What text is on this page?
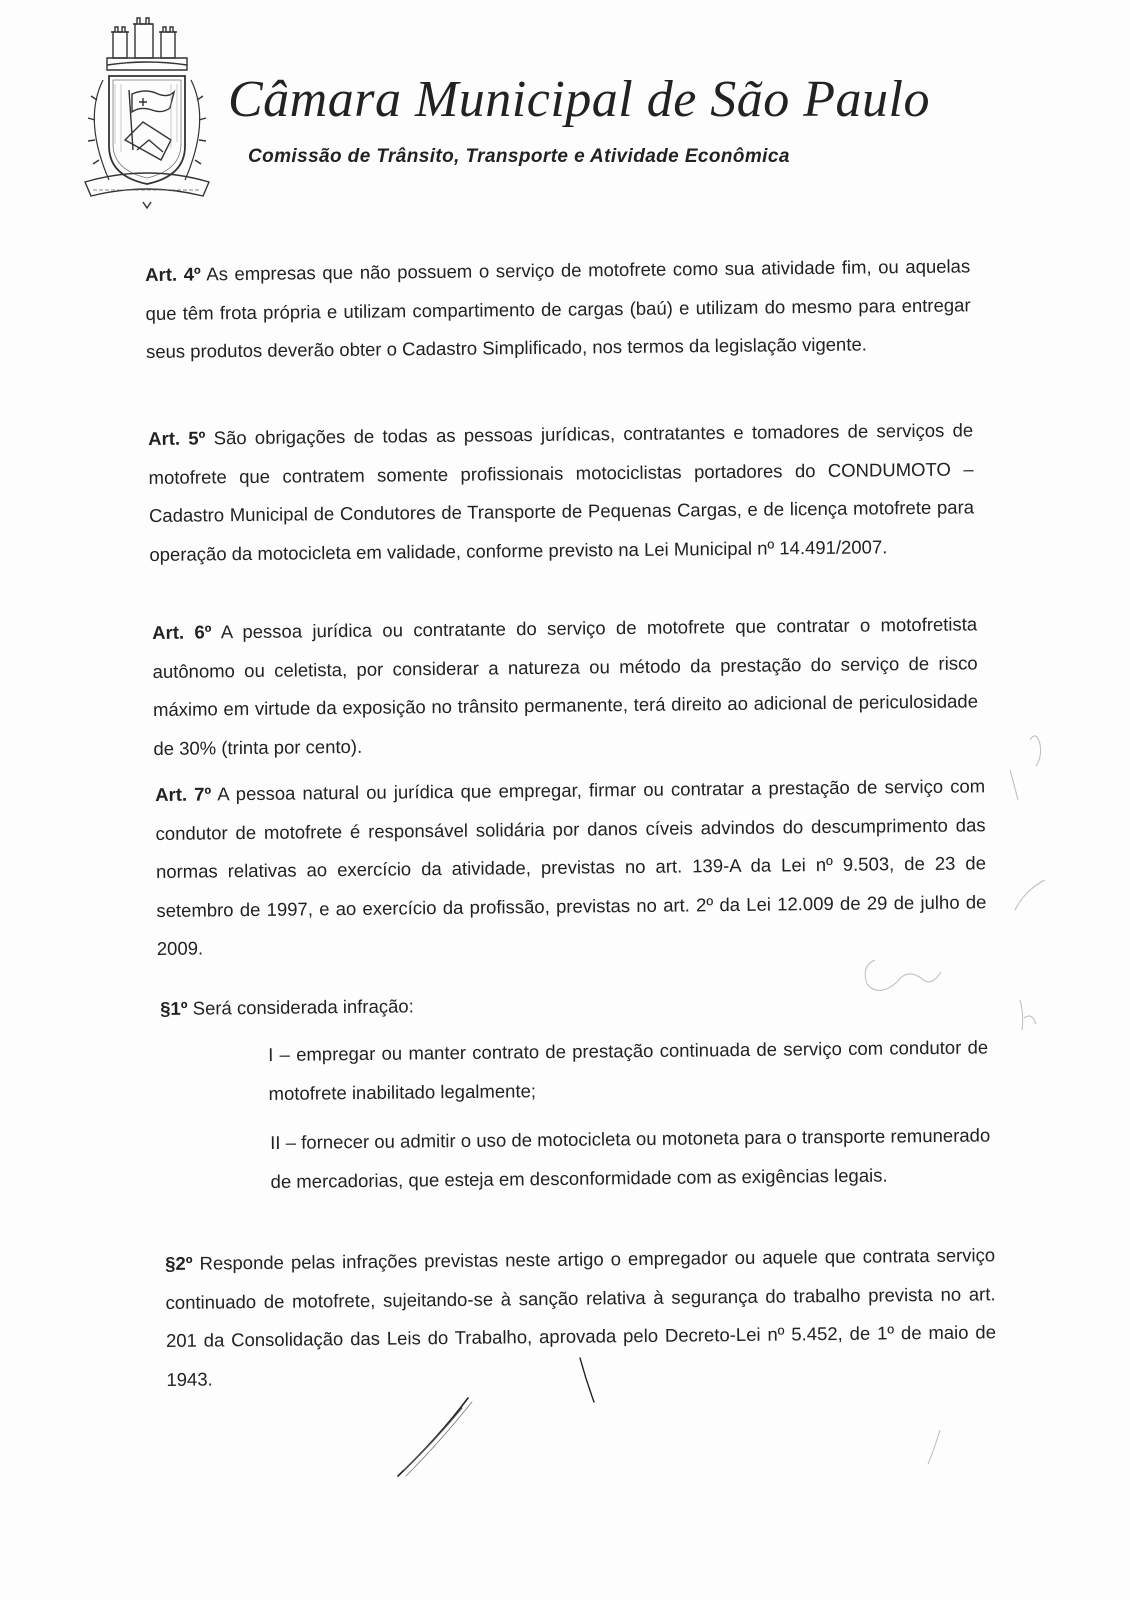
Câmara Municipal de São Paulo
Comissão de Trânsito, Transporte e Atividade Econômica
Art. 4º As empresas que não possuem o serviço de motofrete como sua atividade fim, ou aquelas que têm frota própria e utilizam compartimento de cargas (baú) e utilizam do mesmo para entregar seus produtos deverão obter o Cadastro Simplificado, nos termos da legislação vigente.
Art. 5º São obrigações de todas as pessoas jurídicas, contratantes e tomadores de serviços de motofrete que contratem somente profissionais motociclistas portadores do CONDUMOTO – Cadastro Municipal de Condutores de Transporte de Pequenas Cargas, e de licença motofrete para operação da motocicleta em validade, conforme previsto na Lei Municipal nº 14.491/2007.
Art. 6º A pessoa jurídica ou contratante do serviço de motofrete que contratar o motofretista autônomo ou celetista, por considerar a natureza ou método da prestação do serviço de risco máximo em virtude da exposição no trânsito permanente, terá direito ao adicional de periculosidade de 30% (trinta por cento).
Art. 7º A pessoa natural ou jurídica que empregar, firmar ou contratar a prestação de serviço com condutor de motofrete é responsável solidária por danos cíveis advindos do descumprimento das normas relativas ao exercício da atividade, previstas no art. 139-A da Lei nº 9.503, de 23 de setembro de 1997, e ao exercício da profissão, previstas no art. 2º da Lei 12.009 de 29 de julho de 2009.
§1º Será considerada infração:
I – empregar ou manter contrato de prestação continuada de serviço com condutor de motofrete inabilitado legalmente;
II – fornecer ou admitir o uso de motocicleta ou motoneta para o transporte remunerado de mercadorias, que esteja em desconformidade com as exigências legais.
§2º Responde pelas infrações previstas neste artigo o empregador ou aquele que contrata serviço continuado de motofrete, sujeitando-se à sanção relativa à segurança do trabalho prevista no art. 201 da Consolidação das Leis do Trabalho, aprovada pelo Decreto-Lei nº 5.452, de 1º de maio de 1943.
